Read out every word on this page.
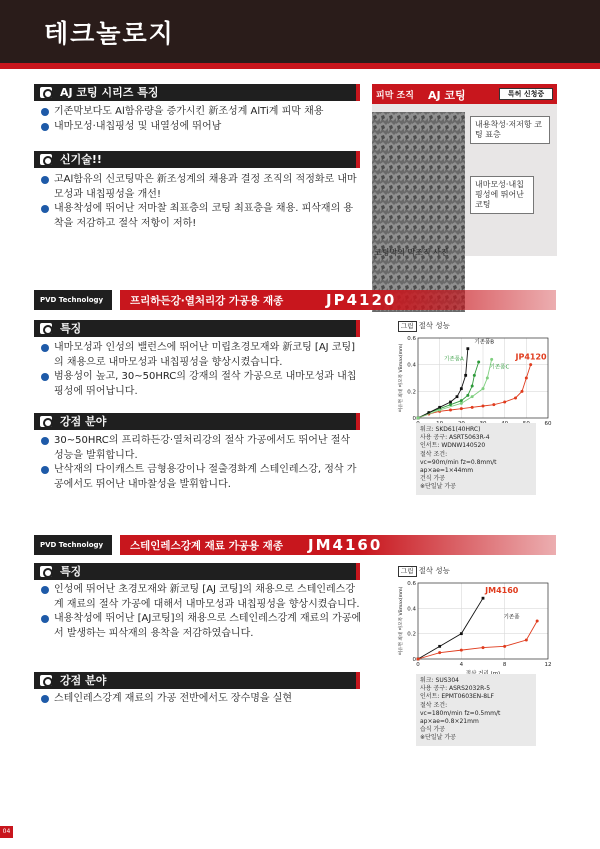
테크놀로지
AJ 코팅 시리즈 특징
기존막보다도 Al함유량을 증가시킨 新조성계 AlTi계 피막 채용
내마모성·내칩핑성 및 내열성에 뛰어남
신기술!!
고Al함유의 신코팅막은 新조성계의 채용과 결정 조직의 적정화로 내마모성과 내칩핑성을 개선!
내용착성에 뛰어난 저마찰 최표층의 코팅 최표층을 채용. 피삭재의 용착을 저감하고 절삭 저항이 저하!
피막 조직 AJ 코팅	특허 신청중
내용착성·저저항 코팅 표층
내마모성·내칩핑성에 뛰어난 코팅
코팅막의 막조직 사진
PVD Technology	프리하든강·열처리강 가공용 재종	JP4120
특징
내마모성과 인성의 밸런스에 뛰어난 미립초경모재와 新코팅 [AJ 코팅]의 채용으로 내마모성과 내칩핑성을 향상시켰습니다.
범용성이 높고, 30~50HRC의 강재의 절삭 가공으로 내마모성과 내칩핑성에 뛰어납니다.
강점 분야
30~50HRC의 프리하든강·열처리강의 절삭 가공에서도 뛰어난 절삭 성능을 발휘합니다.
난삭재의 다이캐스트 금형용강이나 절출경화계 스테인레스강, 정삭 가공에서도 뛰어난 내마찰성을 발휘합니다.
그림 절삭 성능
60
0
0.2
0.4
0.6
여유면 최대 마모폭 VBmax(mm)	JP4120
기존품A
기존품B
기존품C
워크: SKD61(40HRC)
사용 공구: ASRT5063R-4
인서트: WDNW140520
절삭 조건:
vc=90m/min fz=0.8mm/t
ap×ae=1×44mm
건식 가공
※단일날 가공
PVD Technology	스테인레스강계 재료 가공용 재종 JM4160
특징
인성에 뛰어난 초경모재와 新코팅 [AJ 코팅]의 채용으로 스테인레스강계 재료의 절삭 가공에 대해서 내마모성과 내칩핑성을 향상시켰습니다.
내용착성에 뛰어난 [AJ코팅]의 채용으로 스테인레스강계 재료의 가공에서 발생하는 피삭재의 용착을 저감하였습니다.
강점 분야
스테인레스강계 재료의 가공 전반에서도 장수명을 실현
그림 절삭 성능
0	4	8	12
0
0.2
0.4
0.6
여유면 최대 마모폭 VBmax(mm)	기존품
JM4160
워크: SUS304
사용 공구: ASRS2032R-5
인서트: EPMT0603EN-8LF
절삭 조건:
vc=180m/min fz=0.5mm/t
ap×ae=0.8×21mm
습식 가공
※단일날 가공
04
